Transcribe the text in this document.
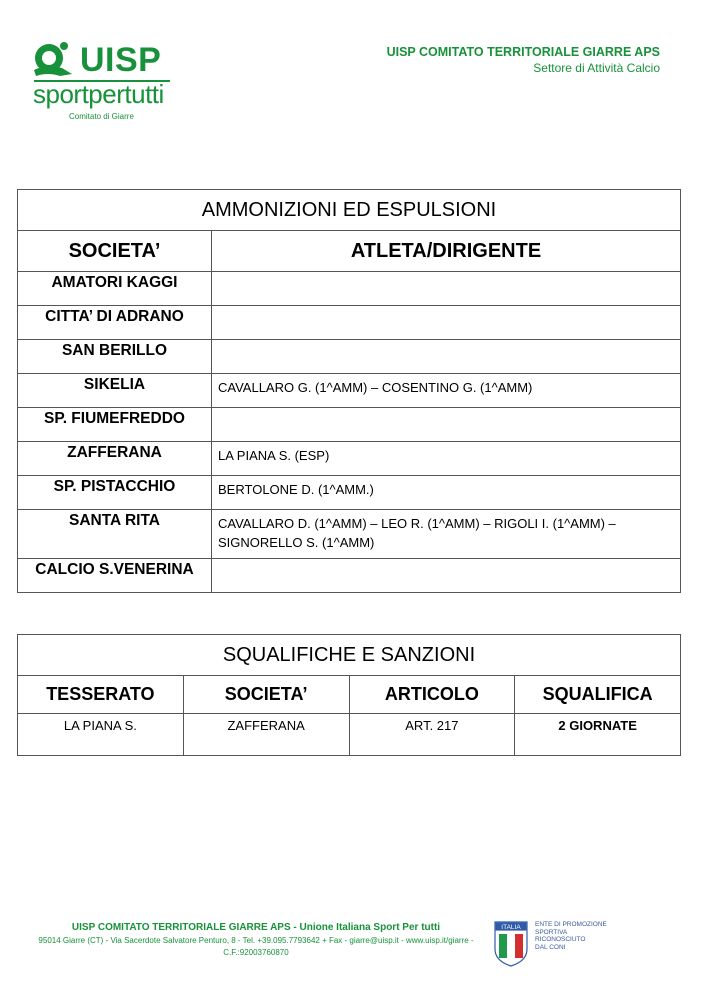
UISP
sportpertutti
Comitato di Giarre
UISP COMITATO TERRITORIALE GIARRE APS
Settore di Attività Calcio
AMMONIZIONI ED ESPULSIONI	
SOCIETA’	ATLETA/DIRIGENTE
AMATORI KAGGI	
CITTA’ DI ADRANO	
SAN BERILLO	
SIKELIA	CAVALLARO G. (1^AMM) – COSENTINO G. (1^AMM)
SP. FIUMEFREDDO	
ZAFFERANA	LA PIANA S. (ESP)
SP. PISTACCHIO	BERTOLONE D. (1^AMM.)
SANTA RITA	CAVALLARO D. (1^AMM) – LEO R. (1^AMM) – RIGOLI I. (1^AMM) – SIGNORELLO S. (1^AMM)
CALCIO S.VENERINA	
SQUALIFICHE E SANZIONI			
TESSERATO	SOCIETA’	ARTICOLO	SQUALIFICA
LA PIANA S.	ZAFFERANA	ART. 217	2 GIORNATE
UISP COMITATO TERRITORIALE GIARRE APS - Unione Italiana Sport Per tutti
95014 Giarre (CT) - Via Sacerdote Salvatore Penturo, 8 - Tel. +39.095.7793642 + Fax - giarre@uisp.it - www.uisp.it/giarre -
C.F.:92003760870
ITALIA ENTE DI PROMOZIONE
SPORTIVA
RICONOSCIUTO
DAL CONI
